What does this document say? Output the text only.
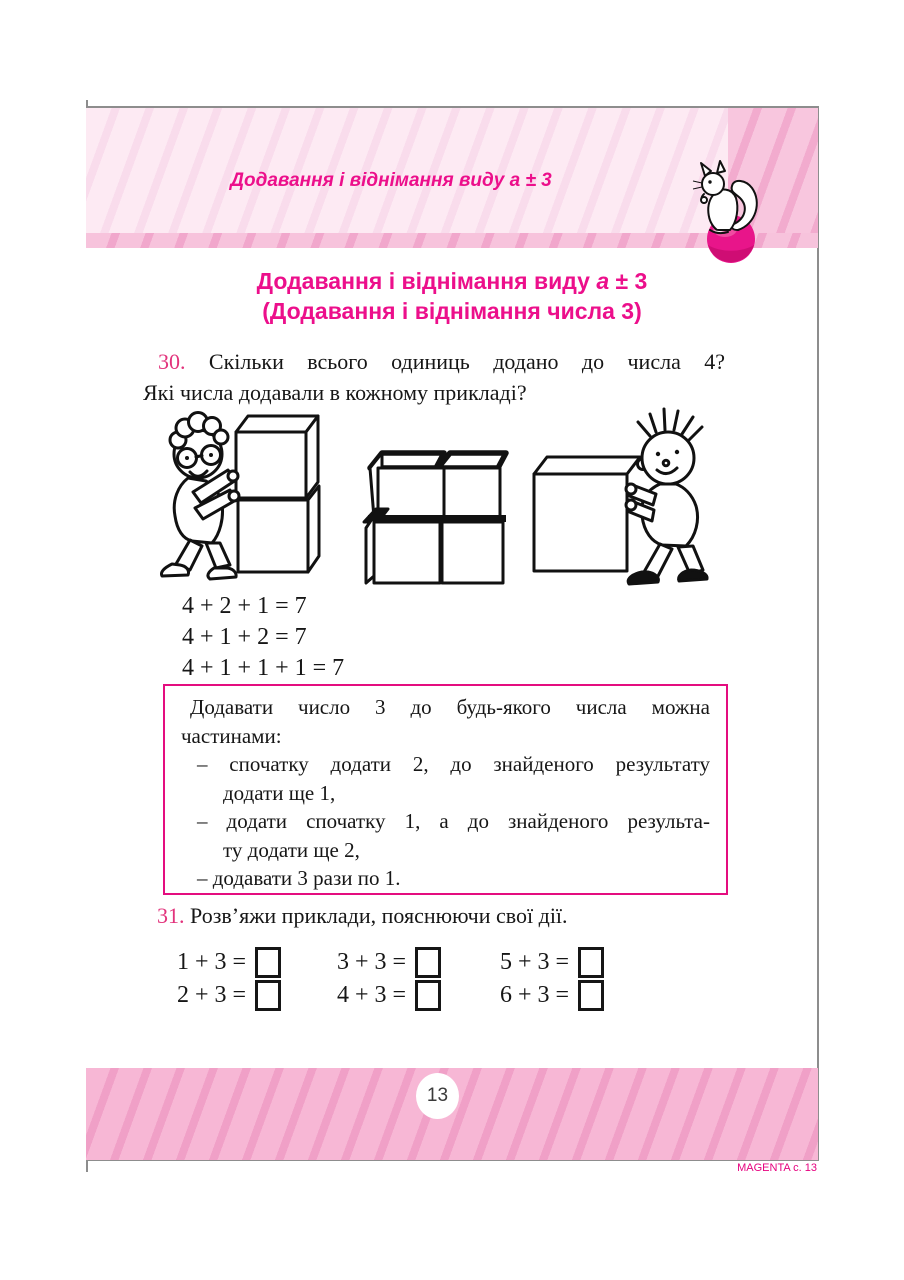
Додавання і віднімання виду а ± 3
Додавання і віднімання виду а ± 3
(Додавання і віднімання числа 3)
30. Скільки всього одиниць додано до числа 4?
Які числа додавали в кожному прикладі?
4 + 2 + 1 = 7
4 + 1 + 2 = 7
4 + 1 + 1 + 1 = 7
Додавати число 3 до будь-якого числа можна
частинами:
– спочатку додати 2, до знайденого результату
додати ще 1,
– додати спочатку 1, а до знайденого результа-
ту додати ще 2,
– додавати 3 рази по 1.
31. Розв’яжи приклади, пояснюючи свої дії.
1 + 3 =	3 + 3 =	5 + 3 =
2 + 3 =	4 + 3 =	6 + 3 =
13
MAGENTA c. 13
